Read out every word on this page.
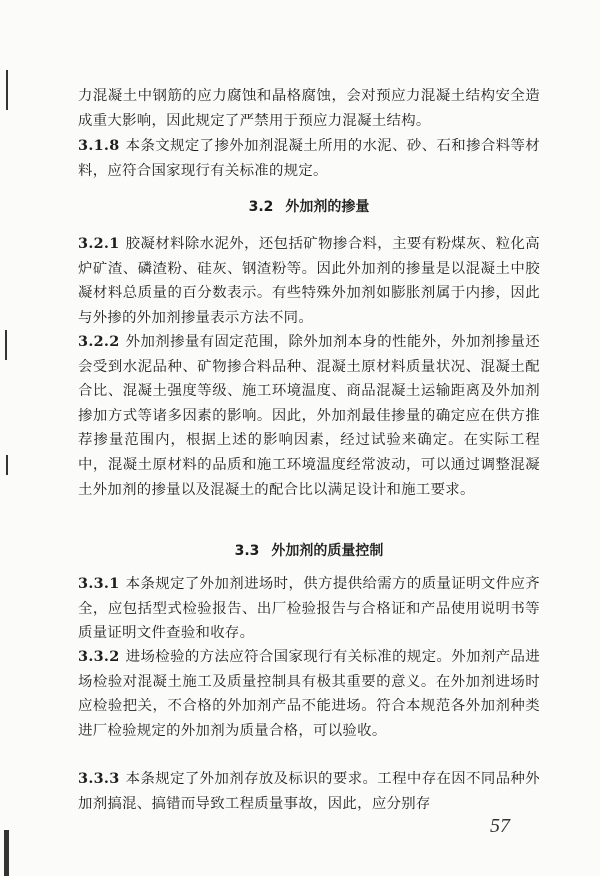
力混凝土中钢筋的应力腐蚀和晶格腐蚀，会对预应力混凝土结构安全造成重大影响，因此规定了严禁用于预应力混凝土结构。

3.1.8 本条文规定了掺外加剂混凝土所用的水泥、砂、石和掺合料等材料，应符合国家现行有关标准的规定。

3.2 外加剂的掺量

3.2.1 胶凝材料除水泥外，还包括矿物掺合料，主要有粉煤灰、粒化高炉矿渣、磷渣粉、硅灰、钢渣粉等。因此外加剂的掺量是以混凝土中胶凝材料总质量的百分数表示。有些特殊外加剂如膨胀剂属于内掺，因此与外掺的外加剂掺量表示方法不同。

3.2.2 外加剂掺量有固定范围，除外加剂本身的性能外，外加剂掺量还会受到水泥品种、矿物掺合料品种、混凝土原材料质量状况、混凝土配合比、混凝土强度等级、施工环境温度、商品混凝土运输距离及外加剂掺加方式等诸多因素的影响。因此，外加剂最佳掺量的确定应在供方推荐掺量范围内，根据上述的影响因素，经过试验来确定。在实际工程中，混凝土原材料的品质和施工环境温度经常波动，可以通过调整混凝土外加剂的掺量以及混凝土的配合比以满足设计和施工要求。

3.3 外加剂的质量控制

3.3.1 本条规定了外加剂进场时，供方提供给需方的质量证明文件应齐全，应包括型式检验报告、出厂检验报告与合格证和产品使用说明书等质量证明文件查验和收存。

3.3.2 进场检验的方法应符合国家现行有关标准的规定。外加剂产品进场检验对混凝土施工及质量控制具有极其重要的意义。在外加剂进场时应检验把关，不合格的外加剂产品不能进场。符合本规范各外加剂种类进厂检验规定的外加剂为质量合格，可以验收。

3.3.3 本条规定了外加剂存放及标识的要求。工程中存在因不同品种外加剂搞混、搞错而导致工程质量事故，因此，应分别存

57
